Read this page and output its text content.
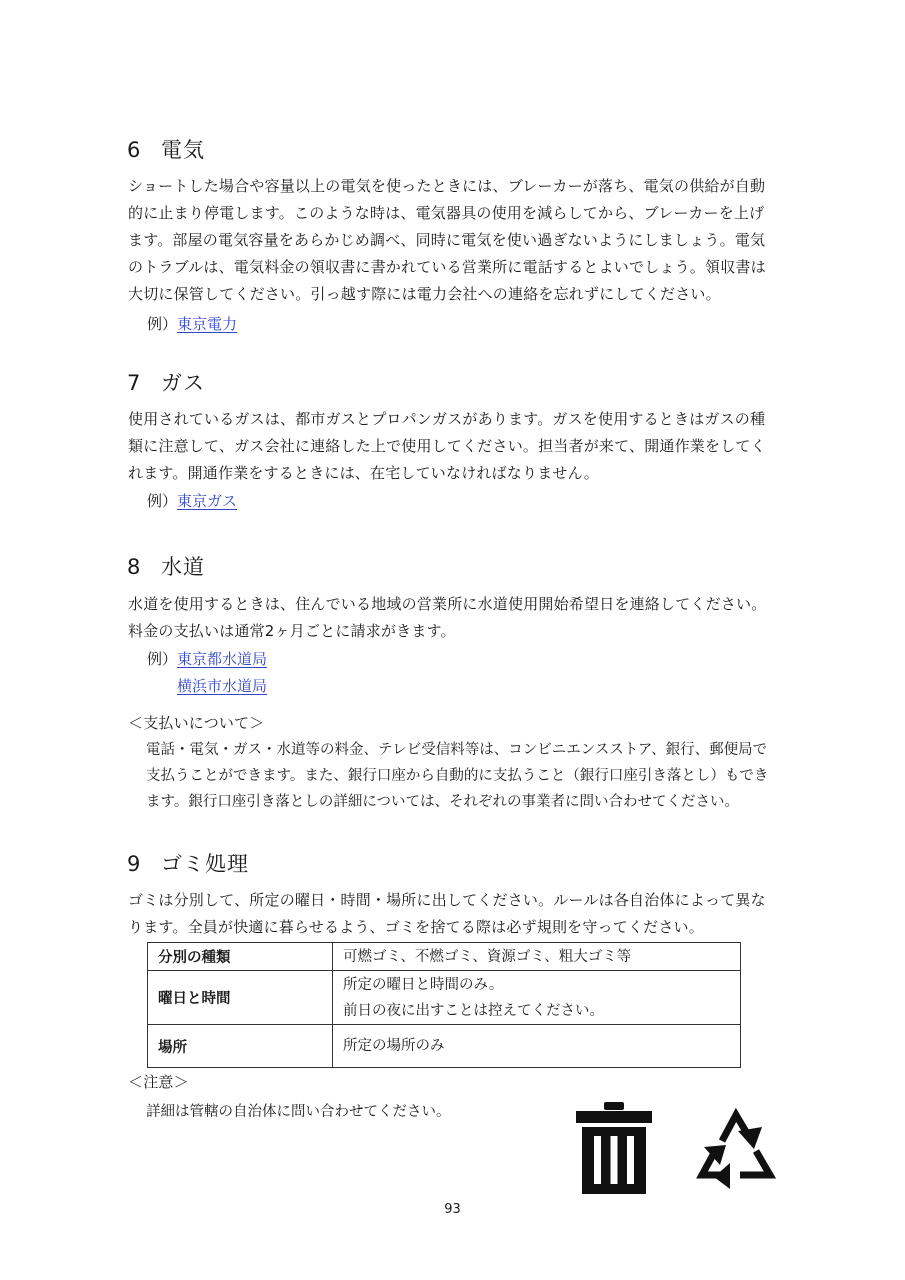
6 電気
ショートした場合や容量以上の電気を使ったときには、ブレーカーが落ち、電気の供給が自動
的に止まり停電します。このような時は、電気器具の使用を減らしてから、ブレーカーを上げ
ます。部屋の電気容量をあらかじめ調べ、同時に電気を使い過ぎないようにしましょう。電気
のトラブルは、電気料金の領収書に書かれている営業所に電話するとよいでしょう。領収書は
大切に保管してください。引っ越す際には電力会社への連絡を忘れずにしてください。
例）東京電力
7 ガス
使用されているガスは、都市ガスとプロパンガスがあります。ガスを使用するときはガスの種
類に注意して、ガス会社に連絡した上で使用してください。担当者が来て、開通作業をしてく
れます。開通作業をするときには、在宅していなければなりません。
例）東京ガス
8 水道
水道を使用するときは、住んでいる地域の営業所に水道使用開始希望日を連絡してください。
料金の支払いは通常2ヶ月ごとに請求がきます。
例）東京都水道局
横浜市水道局
＜支払いについて＞
電話・電気・ガス・水道等の料金、テレビ受信料等は、コンビニエンスストア、銀行、郵便局で
支払うことができます。また、銀行口座から自動的に支払うこと（銀行口座引き落とし）もでき
ます。銀行口座引き落としの詳細については、それぞれの事業者に問い合わせてください。
9 ゴミ処理
ゴミは分別して、所定の曜日・時間・場所に出してください。ルールは各自治体によって異な
ります。全員が快適に暮らせるよう、ゴミを捨てる際は必ず規則を守ってください。
分別の種類	可燃ゴミ、不燃ゴミ、資源ゴミ、粗大ゴミ等

曜日と時間	所定の曜日と時間のみ。
前日の夜に出すことは控えてください。

場所	所定の場所のみ
＜注意＞
詳細は管轄の自治体に問い合わせてください。
93
